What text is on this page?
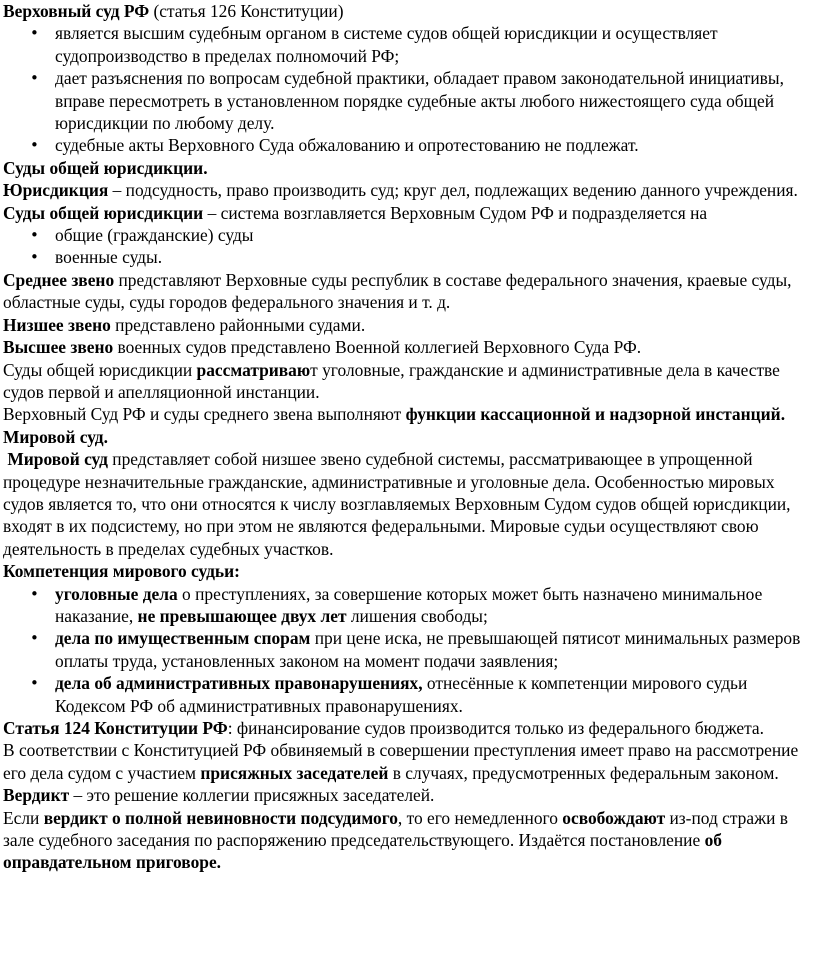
Верховный суд РФ (статья 126 Конституции)

• является высшим судебным органом в системе судов общей юрисдикции и осуществляет судопроизводство в пределах полномочий РФ;
• дает разъяснения по вопросам судебной практики, обладает правом законодательной инициативы, вправе пересмотреть в установленном порядке судебные акты любого нижестоящего суда общей юрисдикции по любому делу.
• судебные акты Верховного Суда обжалованию и опротестованию не подлежат.

Суды общей юрисдикции.

Юрисдикция – подсудность, право производить суд; круг дел, подлежащих ведению данного учреждения.

Суды общей юрисдикции – система возглавляется Верховным Судом РФ и подразделяется на

• общие (гражданские) суды
• военные суды.

Среднее звено представляют Верховные суды республик в составе федерального значения, краевые суды, областные суды, суды городов федерального значения и т. д.

Низшее звено представлено районными судами.

Высшее звено военных судов представлено Военной коллегией Верховного Суда РФ.

Суды общей юрисдикции рассматривают уголовные, гражданские и административные дела в качестве судов первой и апелляционной инстанции.

Верховный Суд РФ и суды среднего звена выполняют функции кассационной и надзорной инстанций.

Мировой суд.

Мировой суд представляет собой низшее звено судебной системы, рассматривающее в упрощенной процедуре незначительные гражданские, административные и уголовные дела. Особенностью мировых судов является то, что они относятся к числу возглавляемых Верховным Судом судов общей юрисдикции, входят в их подсистему, но при этом не являются федеральными. Мировые судьи осуществляют свою деятельность в пределах судебных участков.

Компетенция мирового судьи:

• уголовные дела о преступлениях, за совершение которых может быть назначено минимальное наказание, не превышающее двух лет лишения свободы;
• дела по имущественным спорам при цене иска, не превышающей пятисот минимальных размеров оплаты труда, установленных законом на момент подачи заявления;
• дела об административных правонарушениях, отнесённые к компетенции мирового судьи Кодексом РФ об административных правонарушениях.

Статья 124 Конституции РФ: финансирование судов производится только из федерального бюджета.

В соответствии с Конституцией РФ обвиняемый в совершении преступления имеет право на рассмотрение его дела судом с участием присяжных заседателей в случаях, предусмотренных федеральным законом.

Вердикт – это решение коллегии присяжных заседателей.

Если вердикт о полной невиновности подсудимого, то его немедленного освобождают из-под стражи в зале судебного заседания по распоряжению председательствующего. Издаётся постановление об оправдательном приговоре.
